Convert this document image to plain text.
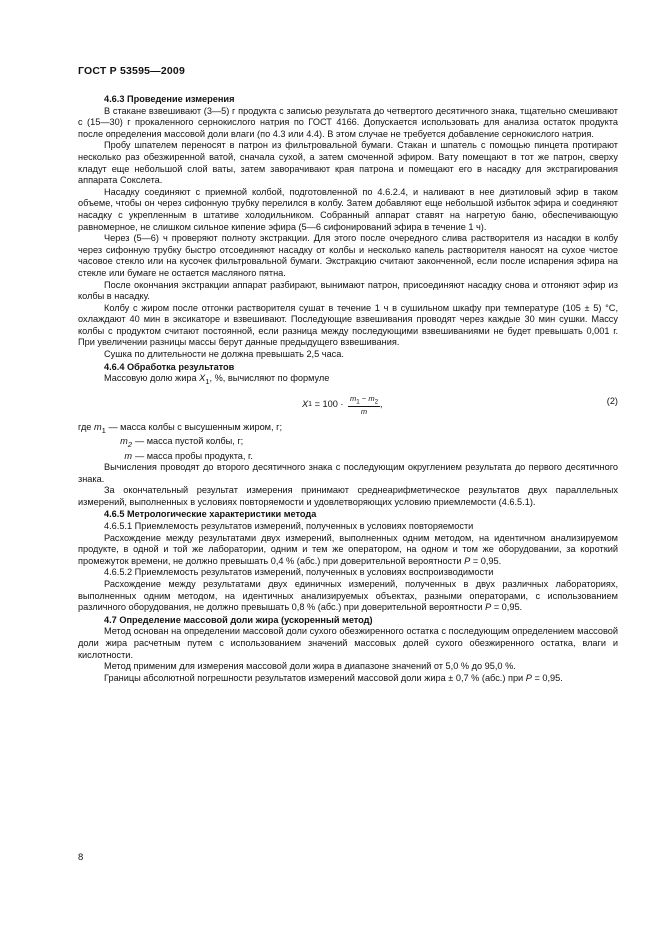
ГОСТ Р 53595—2009
4.6.3 Проведение измерения

В стакане взвешивают (3—5) г продукта с записью результата до четвертого десятичного знака, тщательно смешивают с (15—30) г прокаленного сернокислого натрия по ГОСТ 4166. Допускается использовать для анализа остаток продукта после определения массовой доли влаги (по 4.3 или 4.4). В этом случае не требуется добавление сернокислого натрия.

Пробу шпателем переносят в патрон из фильтровальной бумаги. Стакан и шпатель с помощью пинцета протирают несколько раз обезжиренной ватой, сначала сухой, а затем смоченной эфиром. Вату помещают в тот же патрон, сверху кладут еще небольшой слой ваты, затем заворачивают края патрона и помещают его в насадку для экстрагирования аппарата Сокслета.

Насадку соединяют с приемной колбой, подготовленной по 4.6.2.4, и наливают в нее диэтиловый эфир в таком объеме, чтобы он через сифонную трубку перелился в колбу. Затем добавляют еще небольшой избыток эфира и соединяют насадку с укрепленным в штативе холодильником. Собранный аппарат ставят на нагретую баню, обеспечивающую равномерное, не слишком сильное кипение эфира (5—6 сифонирований эфира в течение 1 ч).

Через (5—6) ч проверяют полноту экстракции. Для этого после очередного слива растворителя из насадки в колбу через сифонную трубку быстро отсоединяют насадку от колбы и несколько капель растворителя наносят на сухое чистое часовое стекло или на кусочек фильтровальной бумаги. Экстракцию считают законченной, если после испарения эфира на стекле или бумаге не остается масляного пятна.

После окончания экстракции аппарат разбирают, вынимают патрон, присоединяют насадку снова и отгоняют эфир из колбы в насадку.

Колбу с жиром после отгонки растворителя сушат в течение 1 ч в сушильном шкафу при температуре (105 ± 5) °С, охлаждают 40 мин в эксикаторе и взвешивают. Последующие взвешивания проводят через каждые 30 мин сушки. Массу колбы с продуктом считают постоянной, если разница между последующими взвешиваниями не будет превышать 0,001 г. При увеличении разницы массы берут данные предыдущего взвешивания.

Сушка по длительности не должна превышать 2,5 часа.

4.6.4 Обработка результатов

Массовую долю жира $X_1$, %, вычисляют по формуле

X $1 = 100 \cdot \frac{m_1 - m_2}{m}$ ,	(2)
где $m_1$ — масса колбы с высушенным жиром, г;
$m_2$ — масса пустой колбы, г;
m — масса пробы продукта, г.

Вычисления проводят до второго десятичного знака с последующим округлением результата до первого десятичного знака.

За окончательный результат измерения принимают среднеарифметическое результатов двух параллельных измерений, выполненных в условиях повторяемости и удовлетворяющих условию приемлемости (4.6.5.1).

4.6.5 Метрологические характеристики метода

4.6.5.1 Приемлемость результатов измерений, полученных в условиях повторяемости

Расхождение между результатами двух измерений, выполненных одним методом, на идентичном анализируемом продукте, в одной и той же лаборатории, одним и тем же оператором, на одном и том же оборудовании, за короткий промежуток времени, не должно превышать 0,4 % (абс.) при доверительной вероятности P = 0,95.

4.6.5.2 Приемлемость результатов измерений, полученных в условиях воспроизводимости

Расхождение между результатами двух единичных измерений, полученных в двух различных лабораториях, выполненных одним методом, на идентичных анализируемых объектах, разными операторами, с использованием различного оборудования, не должно превышать 0,8 % (абс.) при доверительной вероятности P = 0,95.

4.7 Определение массовой доли жира (ускоренный метод)

Метод основан на определении массовой доли сухого обезжиренного остатка с последующим определением массовой доли жира расчетным путем с использованием значений массовых долей сухого обезжиренного остатка, влаги и кислотности.

Метод применим для измерения массовой доли жира в диапазоне значений от 5,0 % до 95,0 %.

Границы абсолютной погрешности результатов измерений массовой доли жира ± 0,7 % (абс.) при P = 0,95.

8
